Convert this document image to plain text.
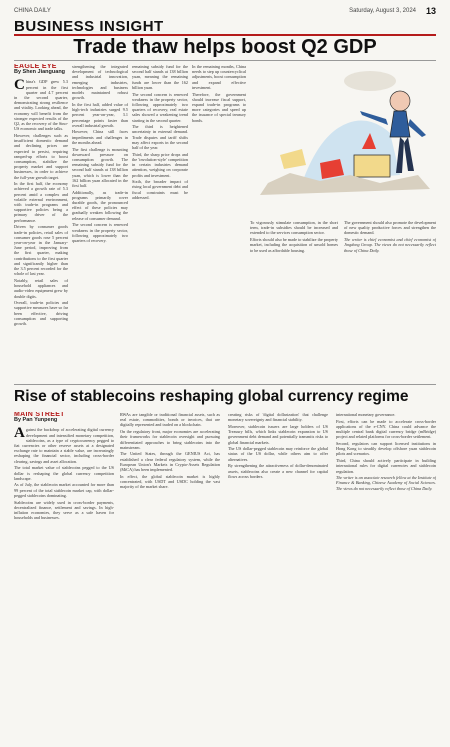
CHINA DAILY	Saturday, August 3, 2024 13
BUSINESS INSIGHT
Trade thaw helps boost Q2 GDP
EAGLE EYE
By Shen Jianguang

China's GDP grew 5.3 percent in the first quarter and 4.7 percent in the second quarter, demonstrating strong resilience and vitality. Looking ahead, the economy will benefit from the stronger expected results of the Q2, as the recovery of the Sino-US economic and trade talks.

However, challenges such as insufficient domestic demand and declining prices are expected to persist, requiring ramped-up efforts to boost consumption, stabilize the property market and support businesses, in order to achieve the full-year growth target.

In the first half, the economy achieved a growth rate of 5.3 percent amid a complex and volatile external environment, with trade-in programs and supportive policies being a primary driver of the performance.

Driven by consumer goods trade-in policies, retail sales of consumer goods rose 5 percent year-on-year in the January-June period, improving from the first quarter, making contributions to the first quarter and significantly higher than the 3.5 percent recorded for the whole of last year.

Notably, retail sales of household appliances and audio-video equipment grew by double digits.

Overall, trade-in policies and supportive measures have so far been effective, driving consumption and supporting growth.

strengthening the integrated development of technological and industrial innovation, emerging industries, technologies and business models maintained robust growth.

In the first half, added value of high-tech industries surged 9.5 percent year-on-year, 3.1 percentage points faster than overall industrial growth.

However, China still faces impediments and challenges in the months ahead.

The first challenge is mounting downward pressure on consumption growth. The remaining subsidy fund for the second half stands at 138 billion yuan, which is lower than the 162 billion yuan allocated in the first half.

Additionally, as trade-in programs primarily cover durable goods, the pronounced effect of these policies may gradually weaken following the release of consumer demand.

The second concern is renewed weakness in the property sector, following approximately two quarters of recovery.

remaining subsidy fund for the second half stands at 138 billion yuan, meaning the remaining funds are lower than the 162 billion yuan.

The second concern is renewed weakness in the property sector, following approximately two quarters of recovery, real estate sales showed a weakening trend starting in the second quarter.

The third is heightened uncertainty in external demand. Trade disputes and tariff shifts may affect exports in the second half of the year.

Third, the sharp price drops and the 'involution-style' competition in certain industries demand attention, weighing on corporate profits and investment.

Sixth, the broader impact of rising local government debt and fiscal constraints must be addressed.

In the remaining months, China needs to step up countercyclical adjustments, boost consumption and expand effective investment.

Therefore, the government should increase fiscal support, expand trade-in programs to more categories and speed up the issuance of special treasury bonds.

To vigorously stimulate consumption, in the short term, trade-in subsidies should be increased and extended to the services consumption sector.

Efforts should also be made to stabilize the property market, including the acquisition of unsold homes to be used as affordable housing.

The government should also promote the development of new quality productive forces and strengthen the domestic demand.

The writer is chief economist and chief economist of Jingdong Group. The views do not necessarily reflect those of China Daily.

Rise of stablecoins reshaping global currency regime
MAIN STREET
By Pan Yunpeng

Against the backdrop of accelerating digital currency development and intensified monetary competition, stablecoins, as a type of cryptocurrency pegged to fiat currencies or other reserve assets at a designated exchange rate to maintain a stable value, are increasingly reshaping the financial sector, including cross-border clearing, savings and asset allocation.

The total market value of stablecoins pegged to the US dollar is reshaping the global currency competition landscape.

As of July, the stablecoin market accounted for more than 99 percent of the total stablecoin market cap, with dollar-pegged stablecoins dominating.

Stablecoins are widely used in cross-border payments, decentralized finance, settlement and savings. In high-inflation economies, they serve as a safe haven for households and businesses.

RWAs are tangible or traditional financial assets, such as real estate, commodities, bonds or invoices, that are digitally represented and traded on a blockchain.

On the regulatory front, major economies are accelerating their frameworks for stablecoin oversight and pursuing differentiated approaches to bring stablecoins into the mainstream.

The United States, through the GENIUS Act, has established a clear federal regulatory system, while the European Union's Markets in Crypto-Assets Regulation (MiCA) has been implemented.

In effect, the global stablecoin market is highly concentrated, with USDT and USDC holding the vast majority of the market share.

creating risks of 'digital dollarization' that challenge monetary sovereignty and financial stability.

Moreover, stablecoin issuers are large holders of US Treasury bills, which links stablecoin expansion to US government debt demand and potentially transmits risks to global financial markets.

The US dollar-pegged stablecoin may reinforce the global status of the US dollar, while others aim to offer alternatives.

By strengthening the attractiveness of dollar-denominated assets, stablecoins also create a new channel for capital flows across borders.

international monetary governance.

First, efforts can be made to accelerate cross-border applications of the e-CNY. China could advance the multiple central bank digital currency bridge (mBridge) project and related platforms for cross-border settlement.

Second, regulators can support licensed institutions in Hong Kong to steadily develop offshore yuan stablecoin pilots and scenarios.

Third, China should actively participate in building international rules for digital currencies and stablecoin regulation.

The writer is an associate research fellow at the Institute of Finance & Banking, Chinese Academy of Social Sciences. The views do not necessarily reflect those of China Daily.
